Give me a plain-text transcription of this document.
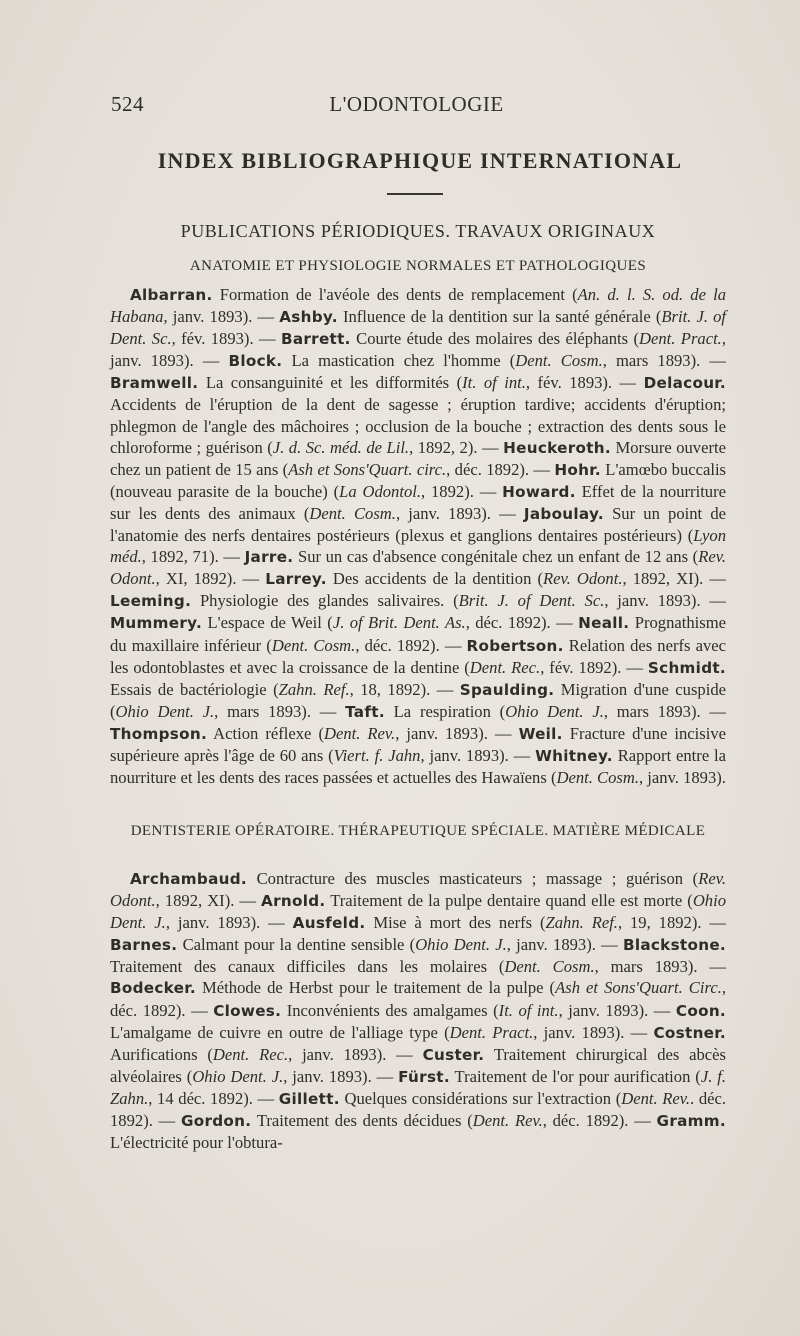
524	L'ODONTOLOGIE
INDEX BIBLIOGRAPHIQUE INTERNATIONAL
PUBLICATIONS PÉRIODIQUES. TRAVAUX ORIGINAUX
ANATOMIE ET PHYSIOLOGIE NORMALES ET PATHOLOGIQUES
Albarran. Formation de l'avéole des dents de remplacement (An. d. l. S. od. de la Habana, janv. 1893). — Ashby. Influence de la dentition sur la santé générale (Brit. J. of Dent. Sc., fév. 1893). — Barrett. Courte étude des molaires des éléphants (Dent. Pract., janv. 1893). — Block. La mastication chez l'homme (Dent. Cosm., mars 1893). — Bramwell. La consanguinité et les difformités (It. of int., fév. 1893). — Delacour. Accidents de l'éruption de la dent de sagesse ; éruption tardive; accidents d'éruption; phlegmon de l'angle des mâchoires ; occlusion de la bouche ; extraction des dents sous le chloroforme ; guérison (J. d. Sc. méd. de Lil., 1892, 2). — Heuckeroth. Morsure ouverte chez un patient de 15 ans (Ash et Sons'Quart. circ., déc. 1892). — Hohr. L'amœbo buccalis (nouveau parasite de la bouche) (La Odontol., 1892). — Howard. Effet de la nourriture sur les dents des animaux (Dent. Cosm., janv. 1893). — Jaboulay. Sur un point de l'anatomie des nerfs dentaires postérieurs (plexus et ganglions dentaires postérieurs) (Lyon méd., 1892, 71). — Jarre. Sur un cas d'absence congénitale chez un enfant de 12 ans (Rev. Odont., XI, 1892). — Larrey. Des accidents de la dentition (Rev. Odont., 1892, XI). — Leeming. Physiologie des glandes salivaires. (Brit. J. of Dent. Sc., janv. 1893). — Mummery. L'espace de Weil (J. of Brit. Dent. As., déc. 1892). — Neall. Prognathisme du maxillaire inférieur (Dent. Cosm., déc. 1892). — Robertson. Relation des nerfs avec les odontoblastes et avec la croissance de la dentine (Dent. Rec., fév. 1892). — Schmidt. Essais de bactériologie (Zahn. Ref., 18, 1892). — Spaulding. Migration d'une cuspide (Ohio Dent. J., mars 1893). — Taft. La respiration (Ohio Dent. J., mars 1893). — Thompson. Action réflexe (Dent. Rev., janv. 1893). — Weil. Fracture d'une incisive supérieure après l'âge de 60 ans (Viert. f. Jahn, janv. 1893). — Whitney. Rapport entre la nourriture et les dents des races passées et actuelles des Hawaïens (Dent. Cosm., janv. 1893).
DENTISTERIE OPÉRATOIRE. THÉRAPEUTIQUE SPÉCIALE. MATIÈRE MÉDICALE
Archambaud. Contracture des muscles masticateurs ; massage ; guérison (Rev. Odont., 1892, XI). — Arnold. Traitement de la pulpe dentaire quand elle est morte (Ohio Dent. J., janv. 1893). — Ausfeld. Mise à mort des nerfs (Zahn. Ref., 19, 1892). — Barnes. Calmant pour la dentine sensible (Ohio Dent. J., janv. 1893). — Blackstone. Traitement des canaux difficiles dans les molaires (Dent. Cosm., mars 1893). — Bodecker. Méthode de Herbst pour le traitement de la pulpe (Ash et Sons'Quart. Circ., déc. 1892). — Clowes. Inconvénients des amalgames (It. of int., janv. 1893). — Coon. L'amalgame de cuivre en outre de l'alliage type (Dent. Pract., janv. 1893). — Costner. Aurifications (Dent. Rec., janv. 1893). — Custer. Traitement chirurgical des abcès alvéolaires (Ohio Dent. J., janv. 1893). — Fürst. Traitement de l'or pour aurification (J. f. Zahn., 14 déc. 1892). — Gillett. Quelques considérations sur l'extraction (Dent. Rev.. déc. 1892). — Gordon. Traitement des dents décidues (Dent. Rev., déc. 1892). — Gramm. L'électricité pour l'obtura-
